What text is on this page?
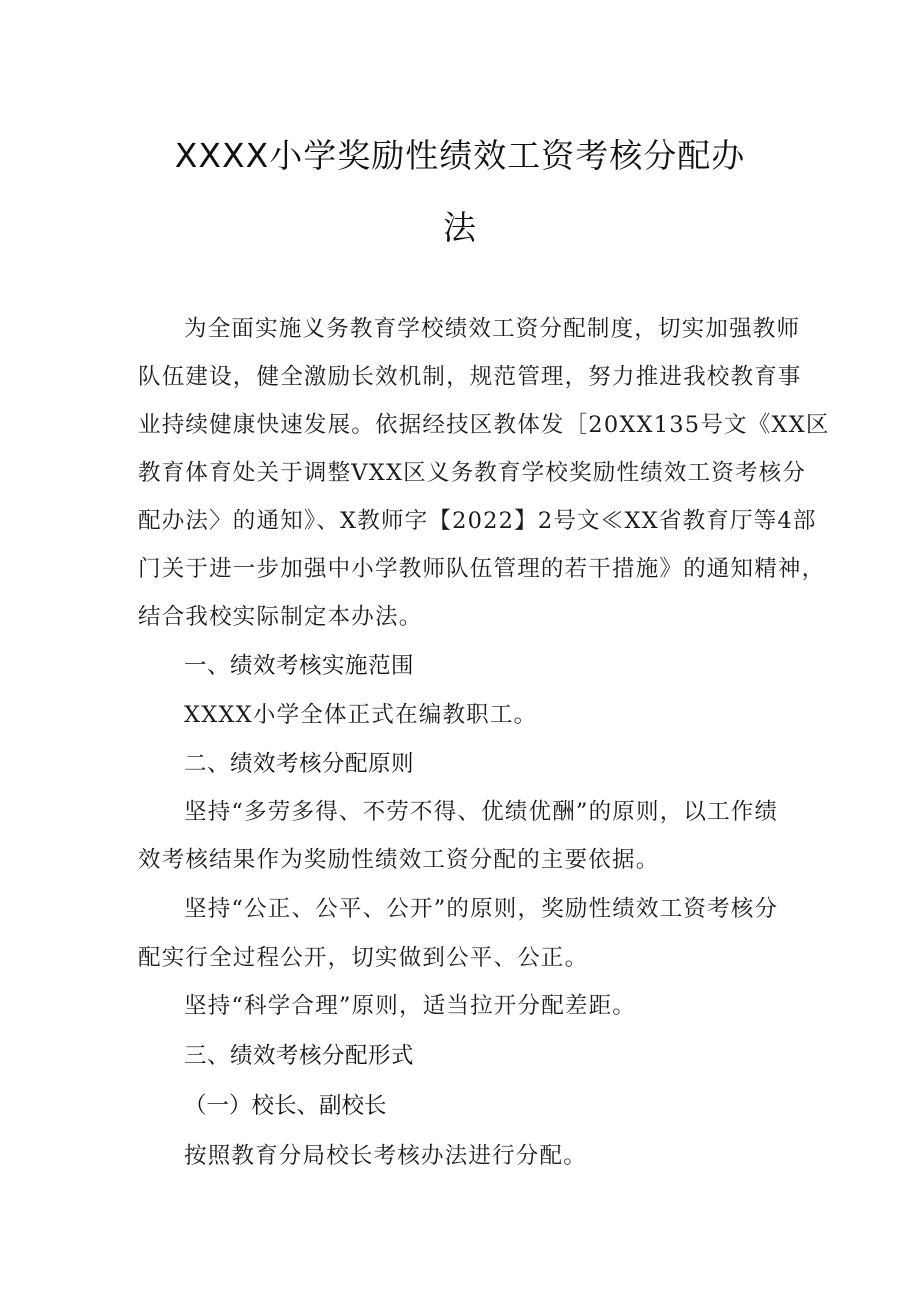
XXXX小学奖励性绩效工资考核分配办
法
为全面实施义务教育学校绩效工资分配制度，切实加强教师
队伍建设，健全激励长效机制，规范管理，努力推进我校教育事
业持续健康快速发展。依据经技区教体发［20XX135号文《XX区
教育体育处关于调整VXX区义务教育学校奖励性绩效工资考核分
配办法〉的通知》、X教师字【2022】2号文≪XX省教育厅等4部
门关于进一步加强中小学教师队伍管理的若干措施》的通知精神，
结合我校实际制定本办法。
一、绩效考核实施范围
XXXX小学全体正式在编教职工。
二、绩效考核分配原则
坚持“多劳多得、不劳不得、优绩优酬”的原则，以工作绩
效考核结果作为奖励性绩效工资分配的主要依据。
坚持“公正、公平、公开”的原则，奖励性绩效工资考核分
配实行全过程公开，切实做到公平、公正。
坚持“科学合理”原则，适当拉开分配差距。
三、绩效考核分配形式
（一）校长、副校长
按照教育分局校长考核办法进行分配。
